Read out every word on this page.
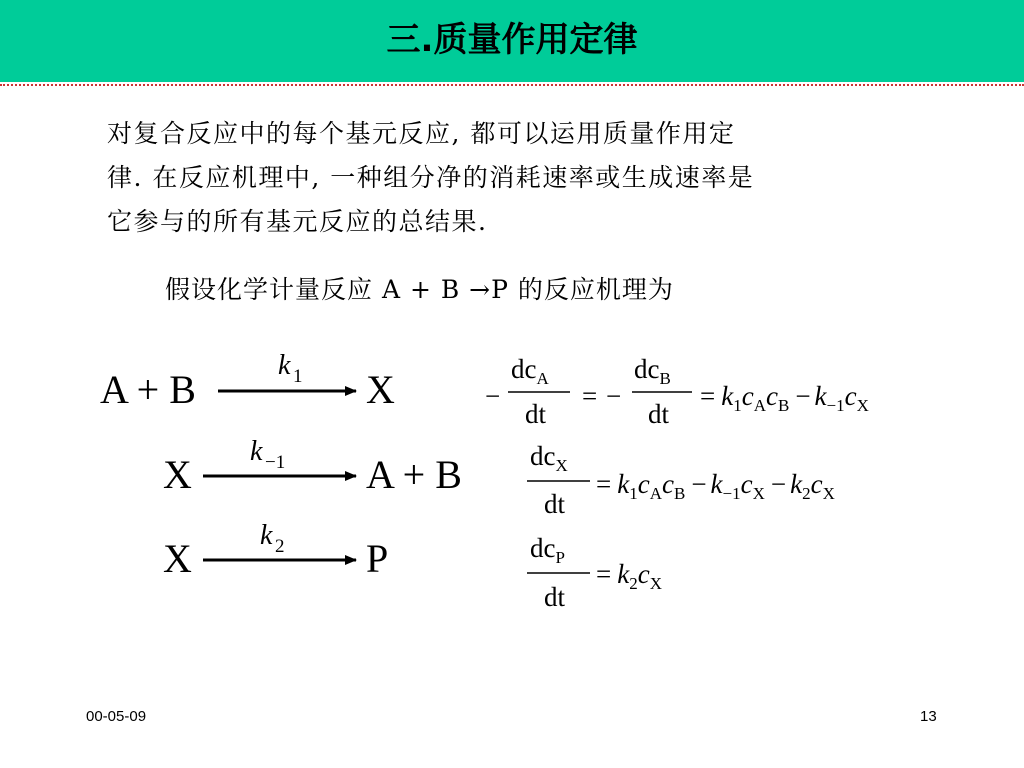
三.质量作用定律
对复合反应中的每个基元反应, 都可以运用质量作用定
律. 在反应机理中, 一种组分净的消耗速率或生成速率是
它参与的所有基元反应的总结果.
假设化学计量反应 A + B →P 的反应机理为
A + B
k 1 X
X
k −1 A + B
X
k 2 P
−
$dc_A$
dt
= −
$dc_B$
dt
= $k_1c_Ac_B - k_{-1}c_X$
$dc_X$
dt
= $k_1c_Ac_B - k_{-1}c_X - k_2c_X$
$dc_P$
dt
= $k_2c_X$
00-05-09	13
